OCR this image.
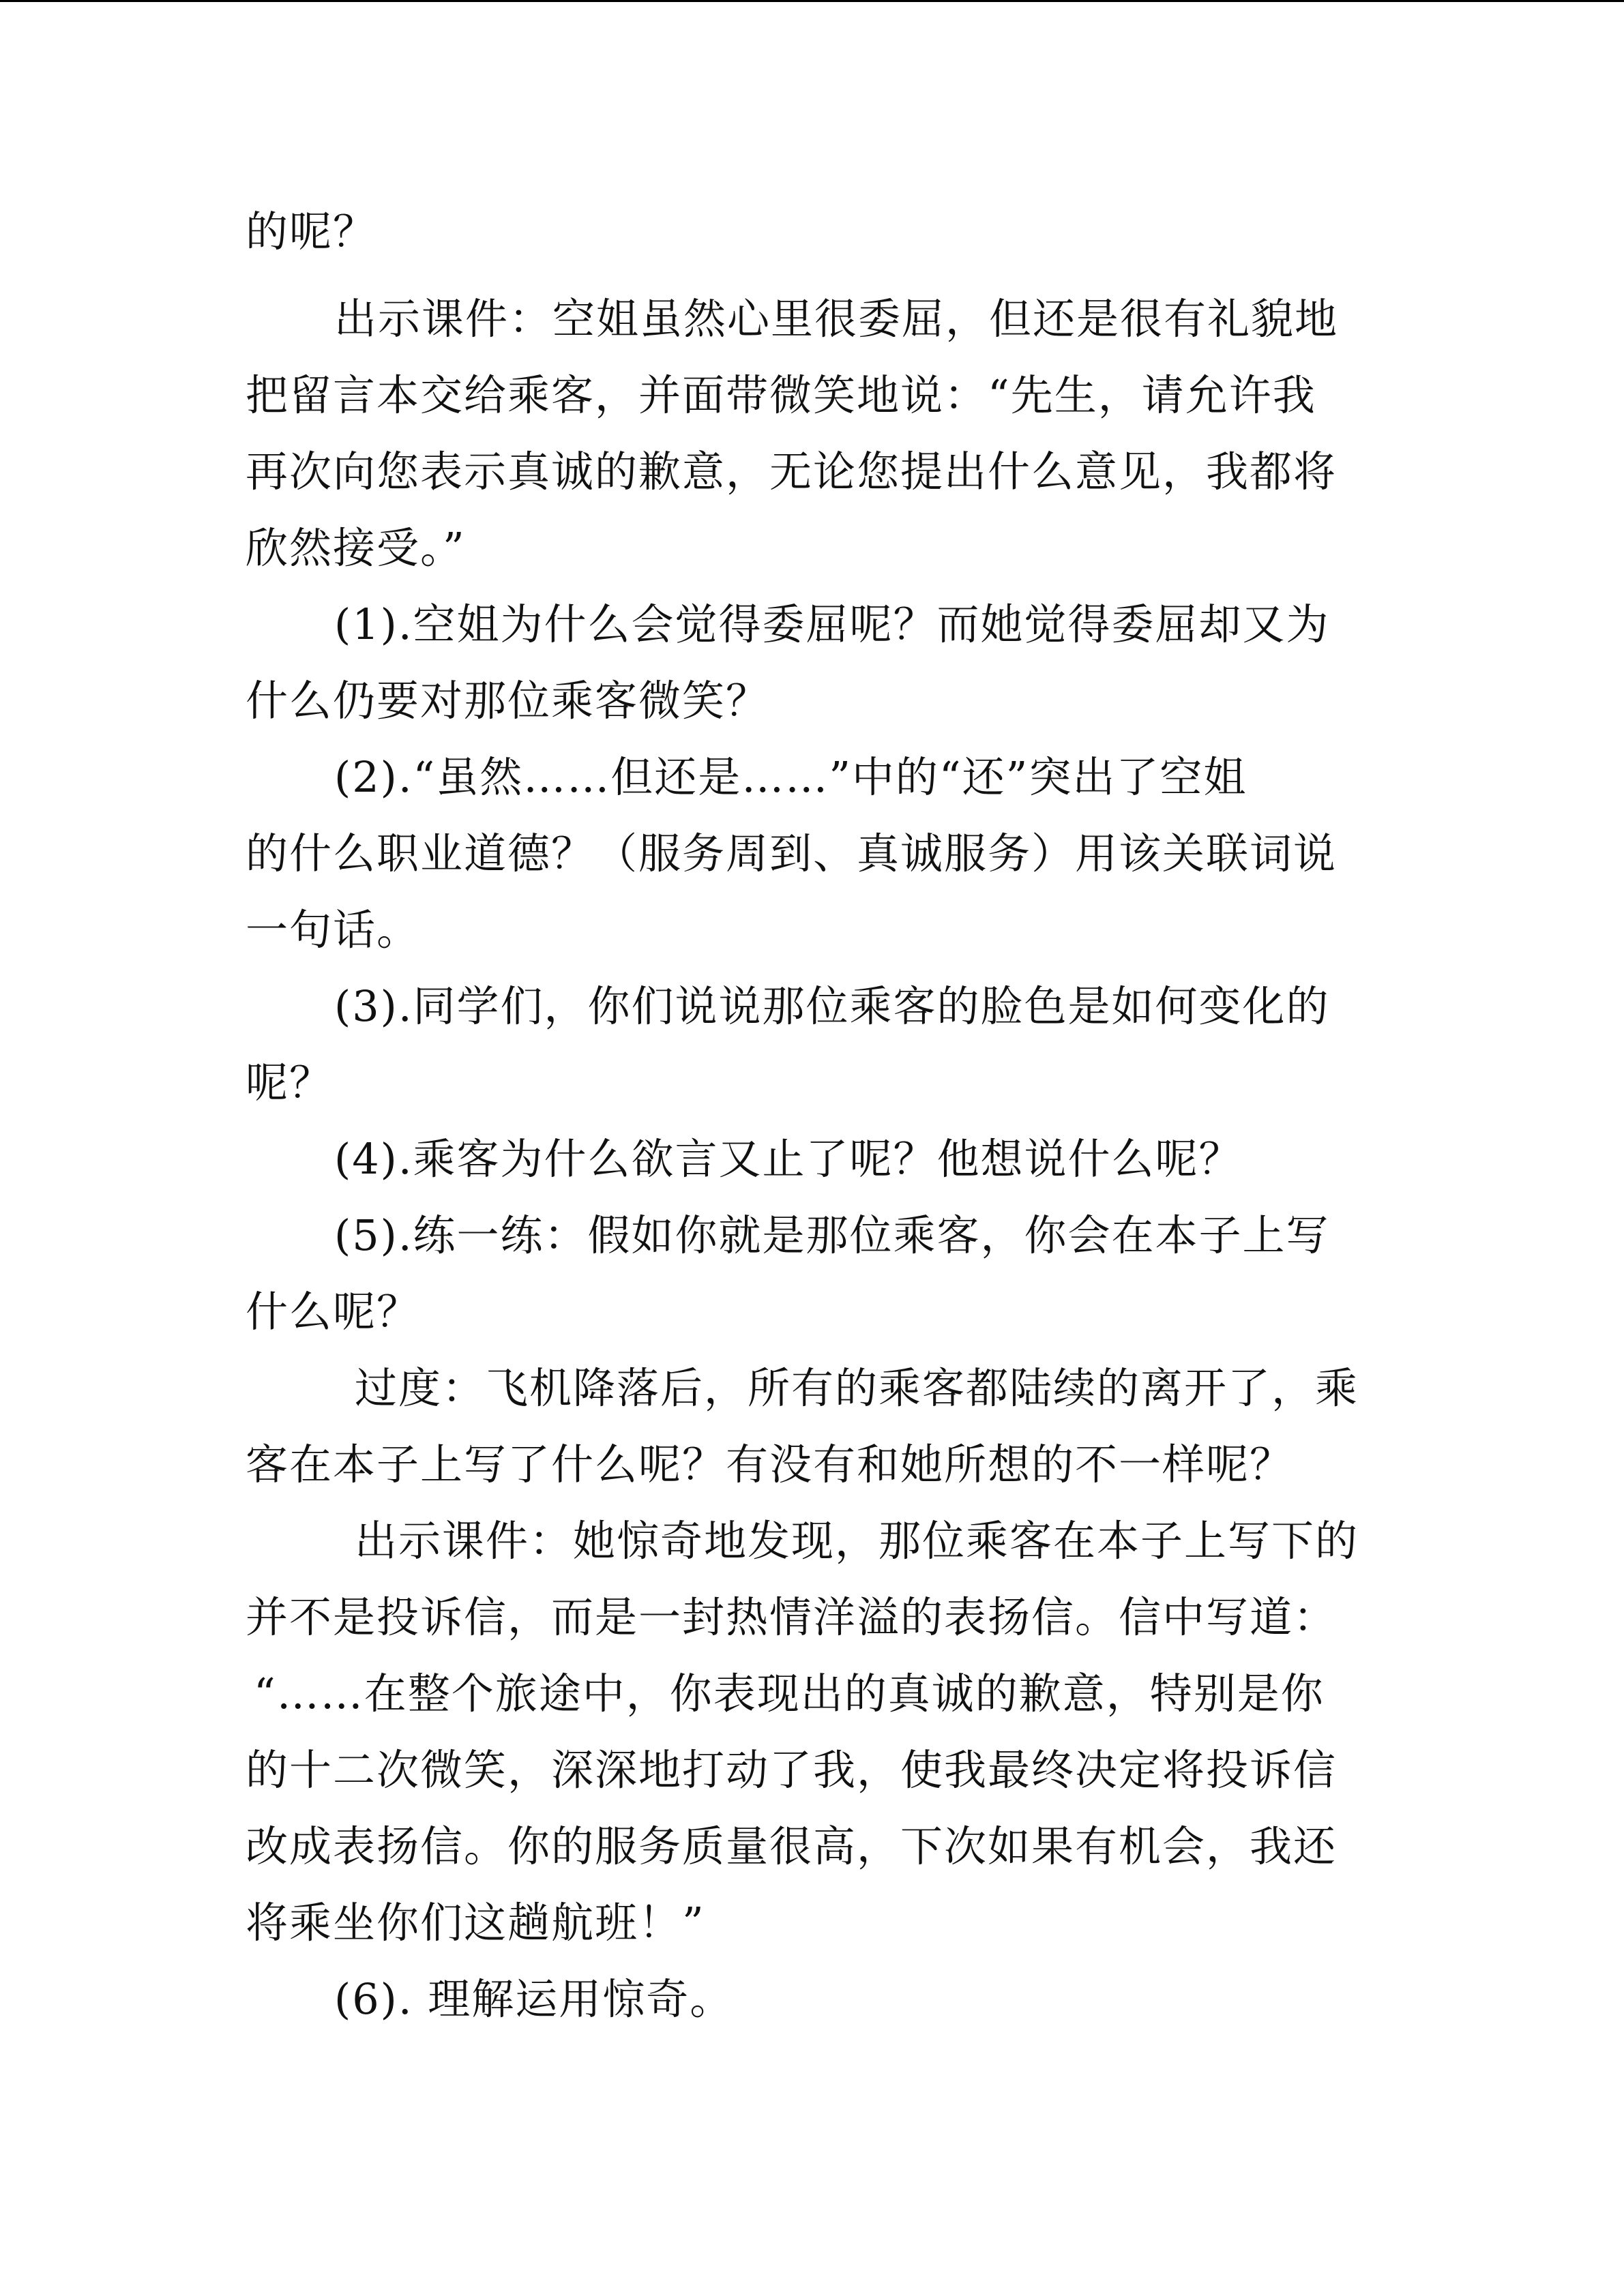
的呢？
出示课件：空姐虽然心里很委屈，但还是很有礼貌地
把留言本交给乘客，并面带微笑地说：“先生，请允许我
再次向您表示真诚的歉意，无论您提出什么意见，我都将
欣然接受。”
(1).空姐为什么会觉得委屈呢？而她觉得委屈却又为
什么仍要对那位乘客微笑？
(2).“虽然……但还是……”中的“还”突出了空姐
的什么职业道德？（服务周到、真诚服务）用该关联词说
一句话。
(3).同学们，你们说说那位乘客的脸色是如何变化的
呢？
(4).乘客为什么欲言又止了呢？他想说什么呢？
(5).练一练：假如你就是那位乘客，你会在本子上写
什么呢？
过度：飞机降落后，所有的乘客都陆续的离开了，乘
客在本子上写了什么呢？有没有和她所想的不一样呢？
出示课件：她惊奇地发现，那位乘客在本子上写下的
并不是投诉信，而是一封热情洋溢的表扬信。信中写道：
“……在整个旅途中，你表现出的真诚的歉意，特别是你
的十二次微笑，深深地打动了我，使我最终决定将投诉信
改成表扬信。你的服务质量很高，下次如果有机会，我还
将乘坐你们这趟航班！”
(6). 理解运用惊奇。
